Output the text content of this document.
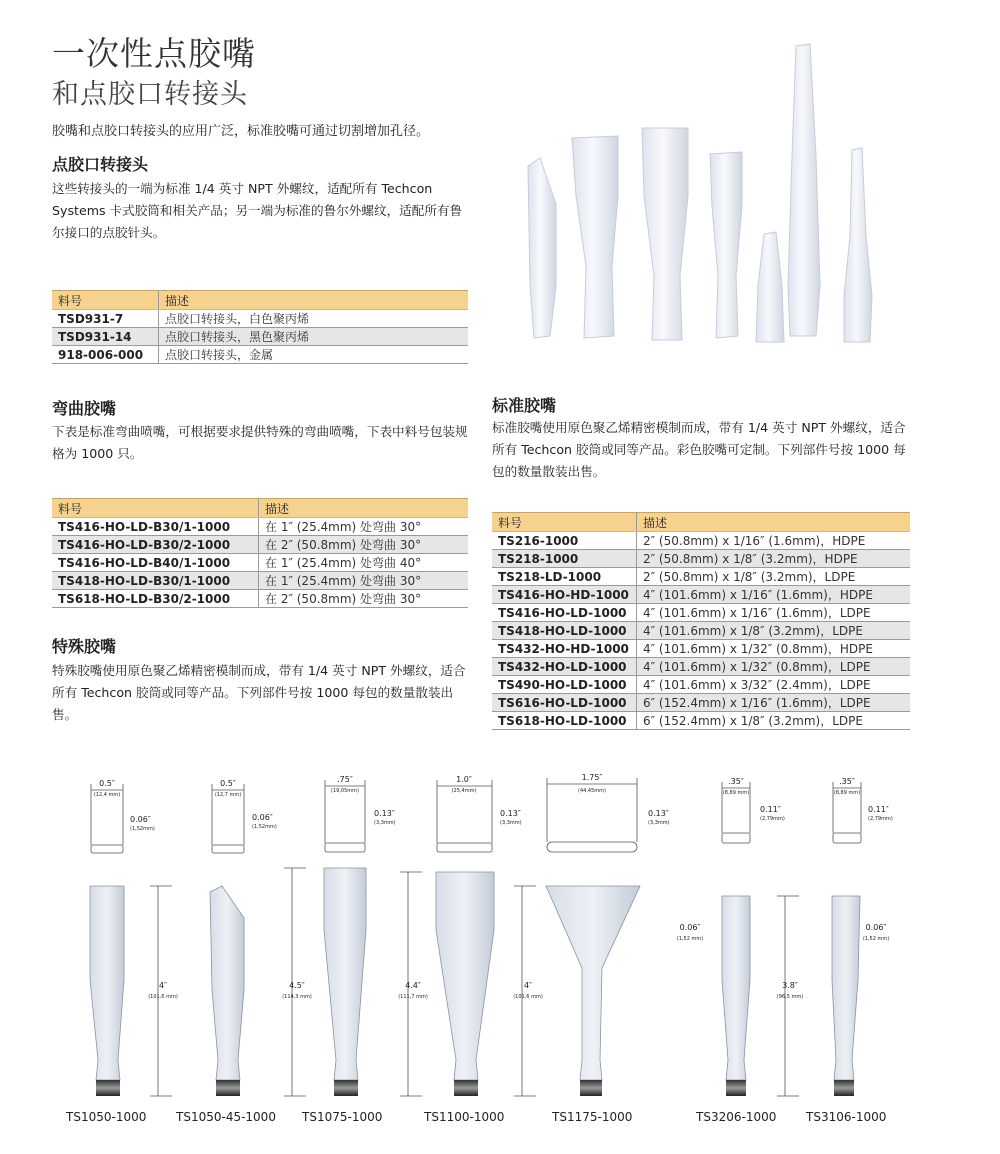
一次性点胶嘴
和点胶口转接头
胶嘴和点胶口转接头的应用广泛，标准胶嘴可通过切割增加孔径。
点胶口转接头

这些转接头的一端为标准 1/4 英寸 NPT 外螺纹，适配所有 Techcon Systems 卡式胶筒和相关产品；另一端为标准的鲁尔外螺纹，适配所有鲁尔接口的点胶针头。

料号	描述
TSD931-7	点胶口转接头，白色聚丙烯
TSD931-14	点胶口转接头，黑色聚丙烯
918-006-000	点胶口转接头，金属
弯曲胶嘴

下表是标准弯曲喷嘴，可根据要求提供特殊的弯曲喷嘴，下表中料号包装规格为 1000 只。

料号	描述
TS416-HO-LD-B30/1-1000	在 1″ (25.4mm) 处弯曲 30°
TS416-HO-LD-B30/2-1000	在 2″ (50.8mm) 处弯曲 30°
TS416-HO-LD-B40/1-1000	在 1″ (25.4mm) 处弯曲 40°
TS418-HO-LD-B30/1-1000	在 1″ (25.4mm) 处弯曲 30°
TS618-HO-LD-B30/2-1000	在 2″ (50.8mm) 处弯曲 30°
特殊胶嘴

特殊胶嘴使用原色聚乙烯精密模制而成，带有 1/4 英寸 NPT 外螺纹，适合所有 Techcon 胶筒或同等产品。下列部件号按 1000 每包的数量散装出售。

标准胶嘴

标准胶嘴使用原色聚乙烯精密模制而成，带有 1/4 英寸 NPT 外螺纹，适合所有 Techcon 胶筒或同等产品。彩色胶嘴可定制。下列部件号按 1000 每包的数量散装出售。

料号	描述
TS216-1000	2″ (50.8mm) x 1/16″ (1.6mm)，HDPE
TS218-1000	2″ (50.8mm) x 1/8″ (3.2mm)，HDPE
TS218-LD-1000	2″ (50.8mm) x 1/8″ (3.2mm)，LDPE
TS416-HO-HD-1000	4″ (101.6mm) x 1/16″ (1.6mm)，HDPE
TS416-HO-LD-1000	4″ (101.6mm) x 1/16″ (1.6mm)，LDPE
TS418-HO-LD-1000	4″ (101.6mm) x 1/8″ (3.2mm)，LDPE
TS432-HO-HD-1000	4″ (101.6mm) x 1/32″ (0.8mm)，HDPE
TS432-HO-LD-1000	4″ (101.6mm) x 1/32″ (0.8mm)，LDPE
TS490-HO-LD-1000	4″ (101.6mm) x 3/32″ (2.4mm)，LDPE
TS616-HO-LD-1000	6″ (152.4mm) x 1/16″ (1.6mm)，LDPE
TS618-HO-LD-1000	6″ (152.4mm) x 1/8″ (3.2mm)，LDPE
0.5″
(12,4 mm)
0.06″
(1,52mm)
4″
(101,6 mm)
0.5″
(12,7 mm)
0.06″
(1,52mm)
.75″
(19,05mm)
0.13″
(3,3mm)
4.5″
(114,3 mm)
1.0″
(25,4mm)
0.13″
(3,3mm)
4.4″
(111,7 mm)
1.75″
(44,45mm)
0.13″
(3,3mm)
4″
(101,6 mm)
.35″
(8,89 mm)
0.11″
(2,79mm)
0.06″
(1,52 mm)
3.8″
(96,5 mm)
.35″
(8,89 mm)
0.11″
(2,79mm)
0.06″
(1,52 mm)
TS1050-1000 TS1050-45-1000 TS1075-1000	TS1100-1000	TS1175-1000	TS3206-1000 TS3106-1000
